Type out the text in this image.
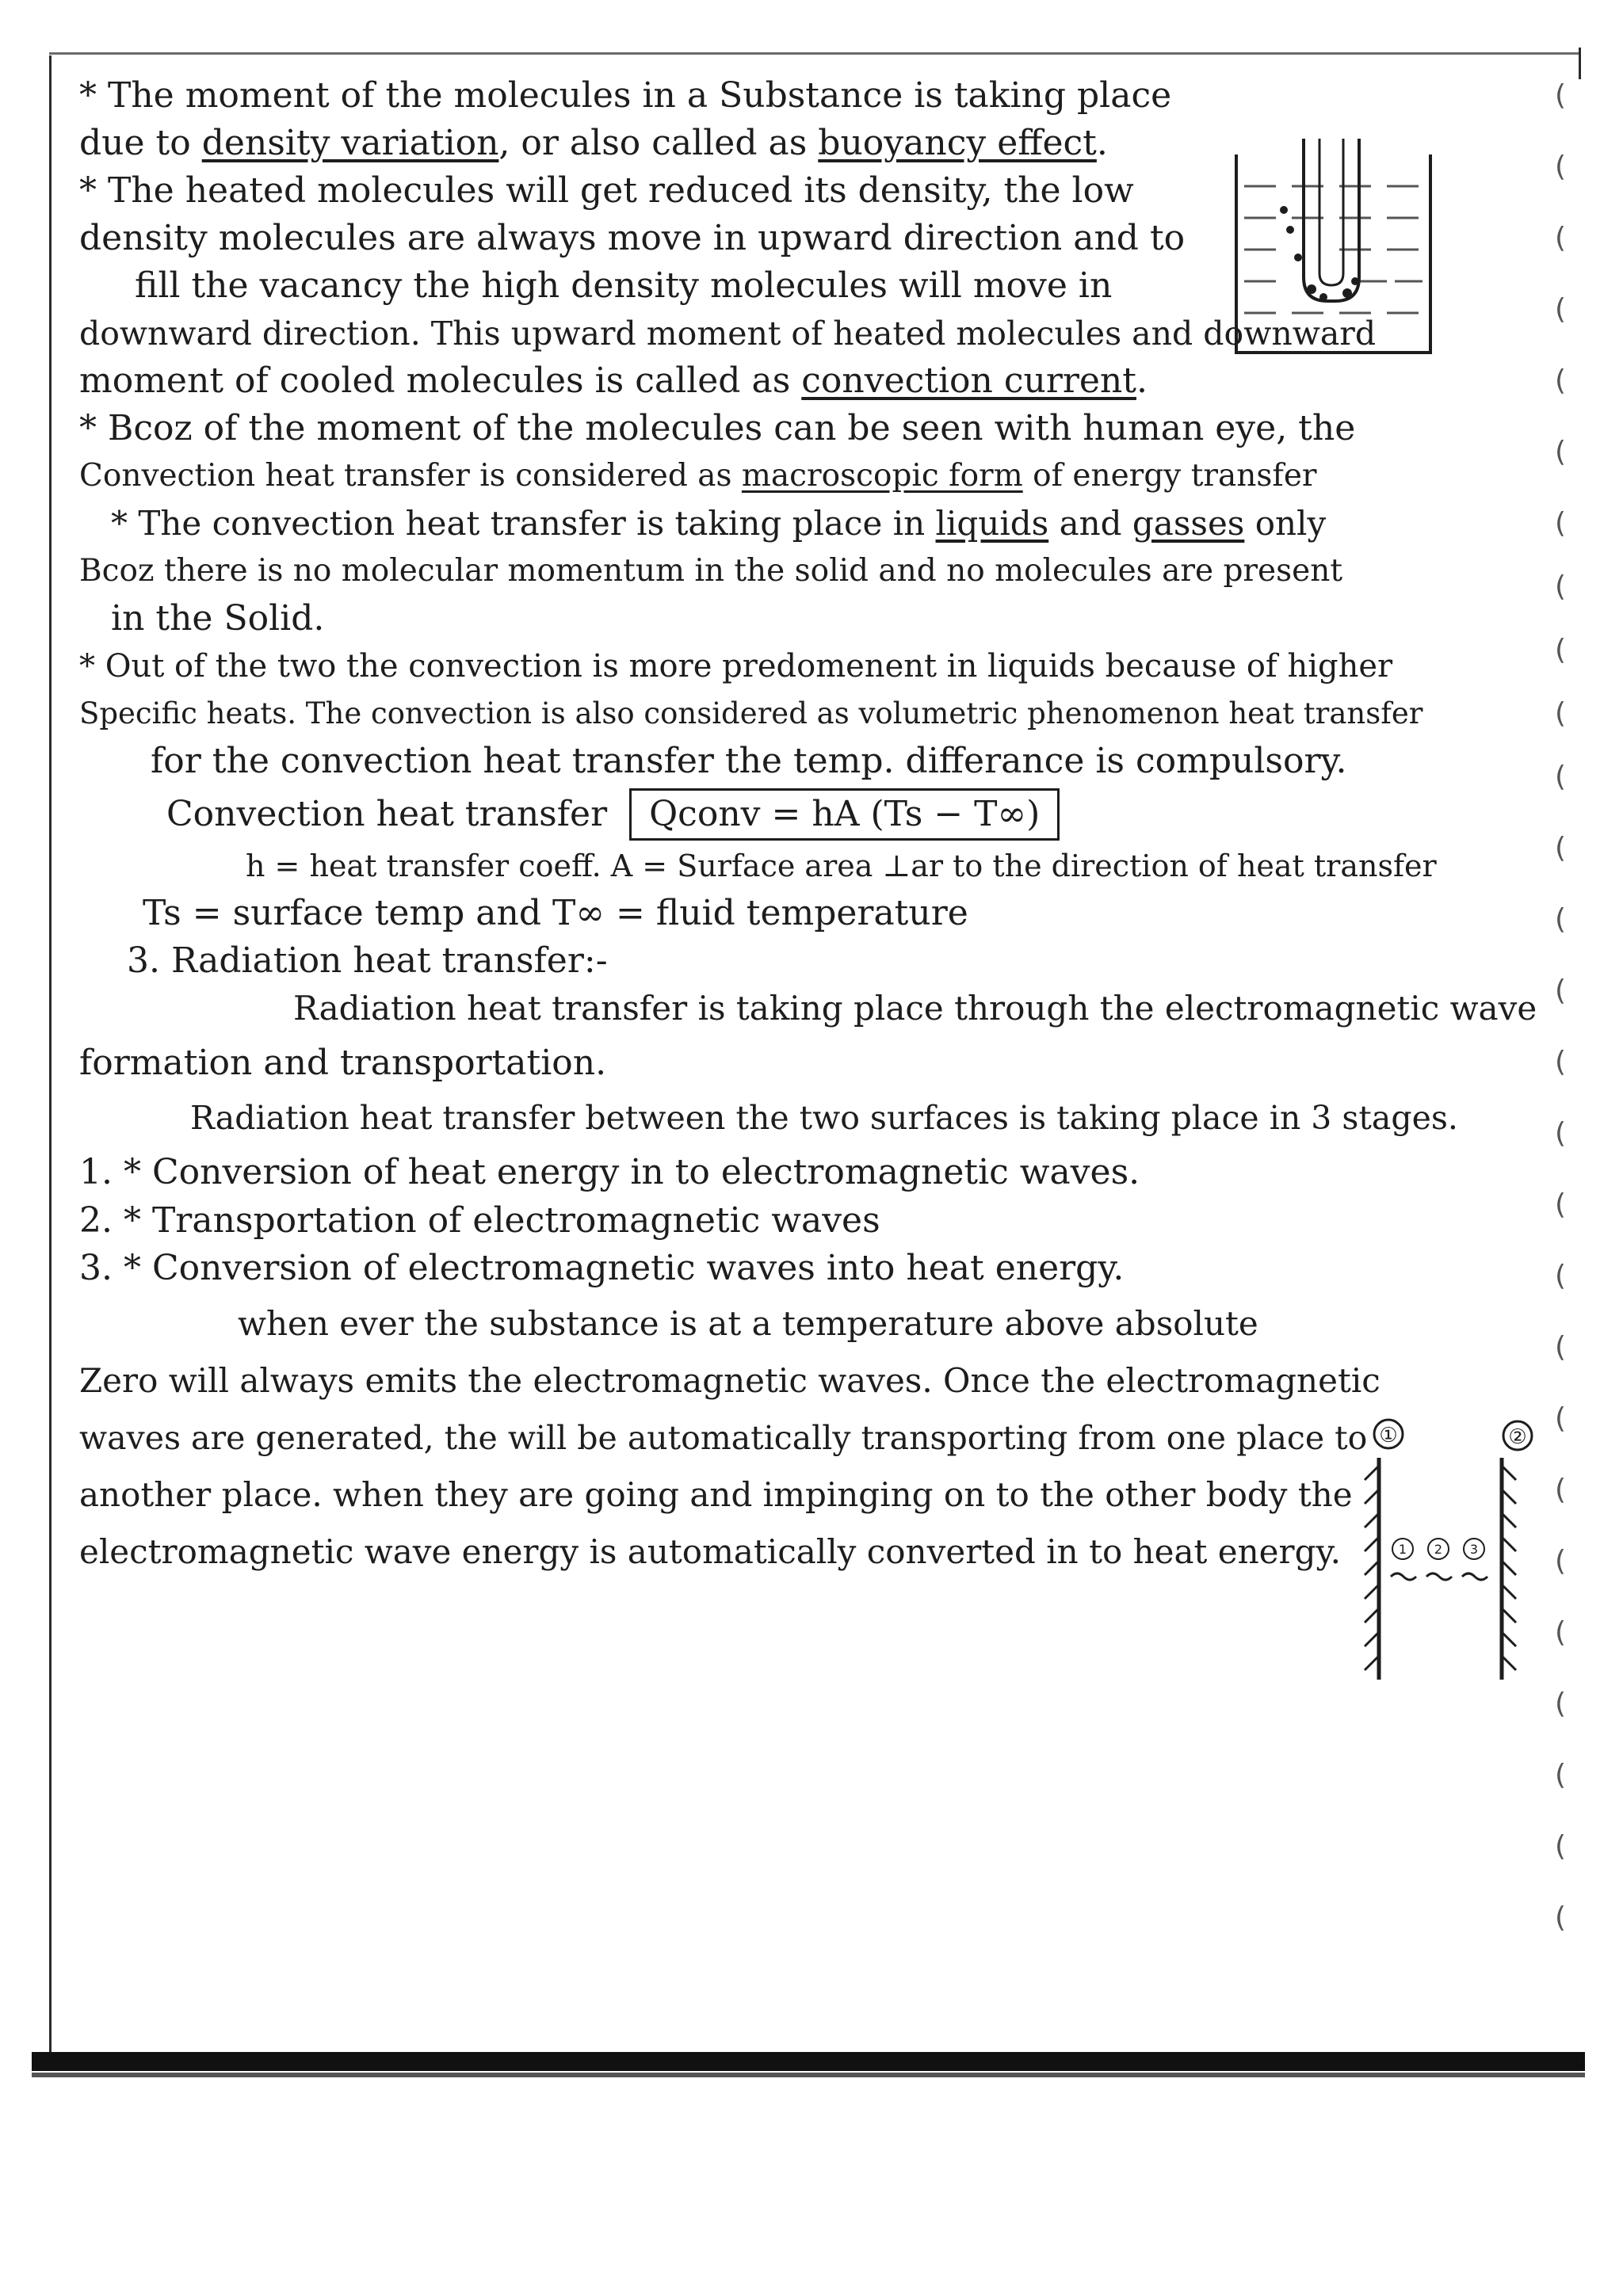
(
(
(
(
(
(
(
(
(
(
(
(
(
(
(
(
(
(
(
(
(
(
(
(
(
(
(
①	②
1 2 3
* The moment of the molecules in a Substance is taking place
due to density variation, or also called as buoyancy effect.
* The heated molecules will get reduced its density, the low
density molecules are always move in upward direction and to
fill the vacancy the high density molecules will move in
downward direction. This upward moment of heated molecules and downward
moment of cooled molecules is called as convection current.
* Bcoz of the moment of the molecules can be seen with human eye, the
Convection heat transfer is considered as macroscopic form of energy transfer
* The convection heat transfer is taking place in liquids and gasses only
Bcoz there is no molecular momentum in the solid and no molecules are present
in the Solid.
* Out of the two the convection is more predomenent in liquids because of higher
Specific heats. The convection is also considered as volumetric phenomenon heat transfer
for the convection heat transfer the temp. differance is compulsory.
Convection heat transfer Qconv = hA (Ts − T∞)
h = heat transfer coeff. A = Surface area ⊥ar to the direction of heat transfer
Ts = surface temp and T∞ = fluid temperature
3. Radiation heat transfer:-
Radiation heat transfer is taking place through the electromagnetic wave
formation and transportation.
Radiation heat transfer between the two surfaces is taking place in 3 stages.
1. * Conversion of heat energy in to electromagnetic waves.
2. * Transportation of electromagnetic waves
3. * Conversion of electromagnetic waves into heat energy.
when ever the substance is at a temperature above absolute
Zero will always emits the electromagnetic waves. Once the electromagnetic
waves are generated, the will be automatically transporting from one place to
another place. when they are going and impinging on to the other body the
electromagnetic wave energy is automatically converted in to heat energy.
